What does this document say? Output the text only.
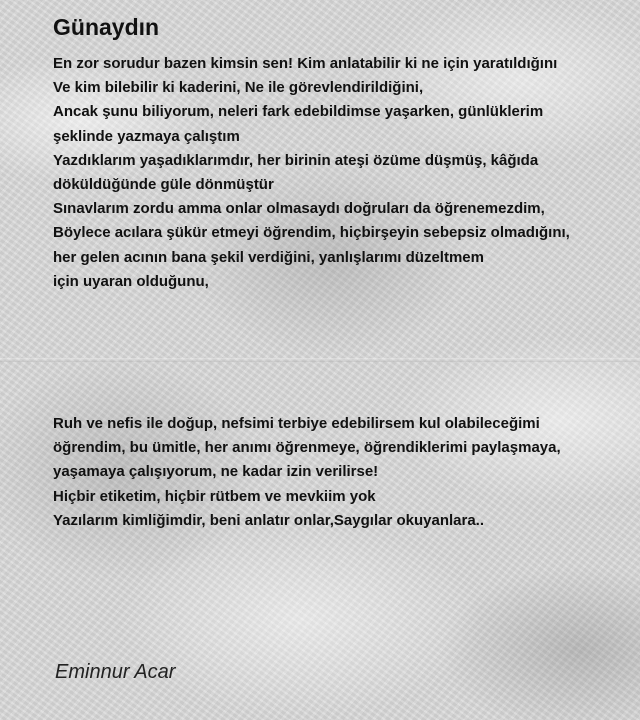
Günaydın

En zor sorudur bazen kimsin sen! Kim anlatabilir ki ne için yaratıldığını
Ve kim bilebilir ki kaderini, Ne ile görevlendirildiğini,
Ancak şunu biliyorum, neleri fark edebildimse yaşarken, günlüklerim
şeklinde yazmaya çalıştım
Yazdıklarım yaşadıklarımdır, her birinin ateşi özüme düşmüş, kâğıda
döküldüğünde güle dönmüştür
Sınavlarım zordu amma onlar olmasaydı doğruları da öğrenemezdim,
Böylece acılara şükür etmeyi öğrendim, hiçbirşeyin sebepsiz olmadığını,
her gelen acının bana şekil verdiğini, yanlışlarımı düzeltmem
için uyaran olduğunu,

Ruh ve nefis ile doğup, nefsimi terbiye edebilirsem kul olabileceğimi
öğrendim, bu ümitle, her anımı öğrenmeye, öğrendiklerimi paylaşmaya,
yaşamaya çalışıyorum, ne kadar izin verilirse!
Hiçbir etiketim, hiçbir rütbem ve mevkiim yok
Yazılarım kimliğimdir, beni anlatır onlar,Saygılar okuyanlara..

Eminnur Acar
